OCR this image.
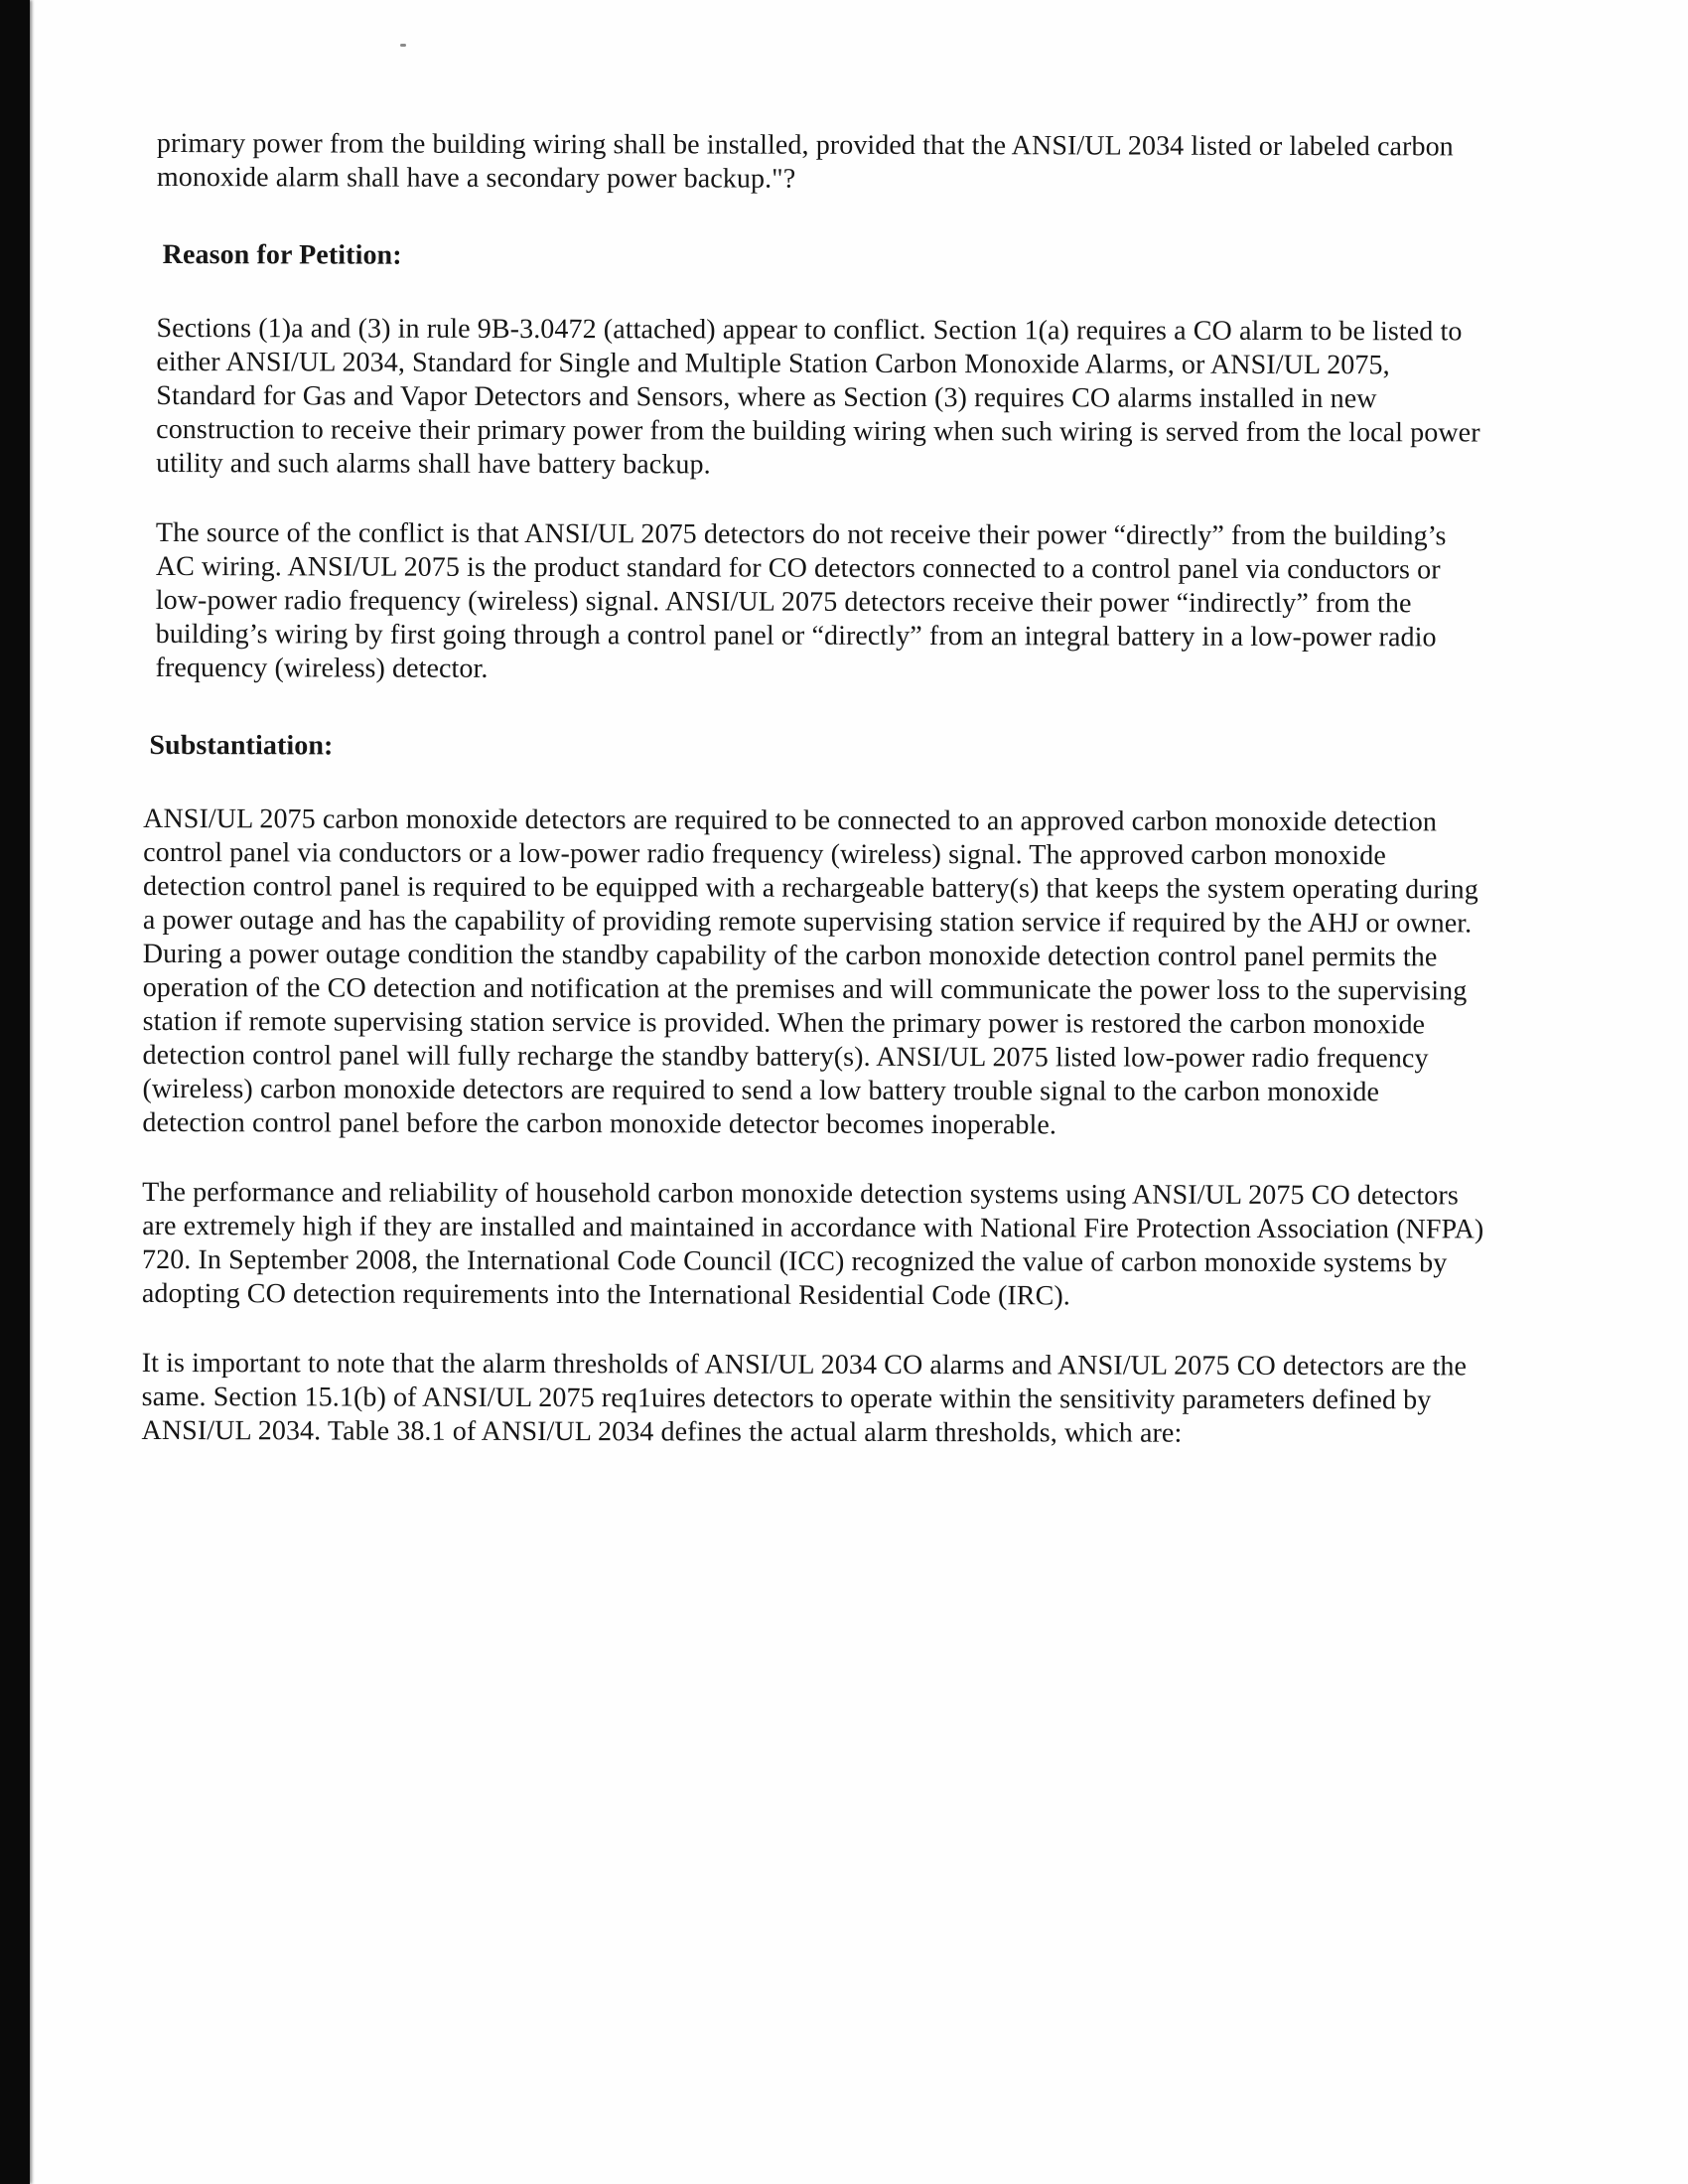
primary power from the building wiring shall be installed, provided that the ANSI/UL 2034 listed or labeled carbon monoxide alarm shall have a secondary power backup."?

Reason for Petition:

Sections (1)a and (3) in rule 9B-3.0472 (attached) appear to conflict. Section 1(a) requires a CO alarm to be listed to either ANSI/UL 2034, Standard for Single and Multiple Station Carbon Monoxide Alarms, or ANSI/UL 2075, Standard for Gas and Vapor Detectors and Sensors, where as Section (3) requires CO alarms installed in new construction to receive their primary power from the building wiring when such wiring is served from the local power utility and such alarms shall have battery backup.

The source of the conflict is that ANSI/UL 2075 detectors do not receive their power “directly” from the building’s AC wiring. ANSI/UL 2075 is the product standard for CO detectors connected to a control panel via conductors or low-power radio frequency (wireless) signal. ANSI/UL 2075 detectors receive their power “indirectly” from the building’s wiring by first going through a control panel or “directly” from an integral battery in a low-power radio frequency (wireless) detector.

Substantiation:

ANSI/UL 2075 carbon monoxide detectors are required to be connected to an approved carbon monoxide detection control panel via conductors or a low-power radio frequency (wireless) signal. The approved carbon monoxide detection control panel is required to be equipped with a rechargeable battery(s) that keeps the system operating during a power outage and has the capability of providing remote supervising station service if required by the AHJ or owner. During a power outage condition the standby capability of the carbon monoxide detection control panel permits the operation of the CO detection and notification at the premises and will communicate the power loss to the supervising station if remote supervising station service is provided. When the primary power is restored the carbon monoxide detection control panel will fully recharge the standby battery(s). ANSI/UL 2075 listed low-power radio frequency (wireless) carbon monoxide detectors are required to send a low battery trouble signal to the carbon monoxide detection control panel before the carbon monoxide detector becomes inoperable.

The performance and reliability of household carbon monoxide detection systems using ANSI/UL 2075 CO detectors are extremely high if they are installed and maintained in accordance with National Fire Protection Association (NFPA) 720. In September 2008, the International Code Council (ICC) recognized the value of carbon monoxide systems by adopting CO detection requirements into the International Residential Code (IRC).

It is important to note that the alarm thresholds of ANSI/UL 2034 CO alarms and ANSI/UL 2075 CO detectors are the same. Section 15.1(b) of ANSI/UL 2075 req1uires detectors to operate within the sensitivity parameters defined by ANSI/UL 2034. Table 38.1 of ANSI/UL 2034 defines the actual alarm thresholds, which are:
